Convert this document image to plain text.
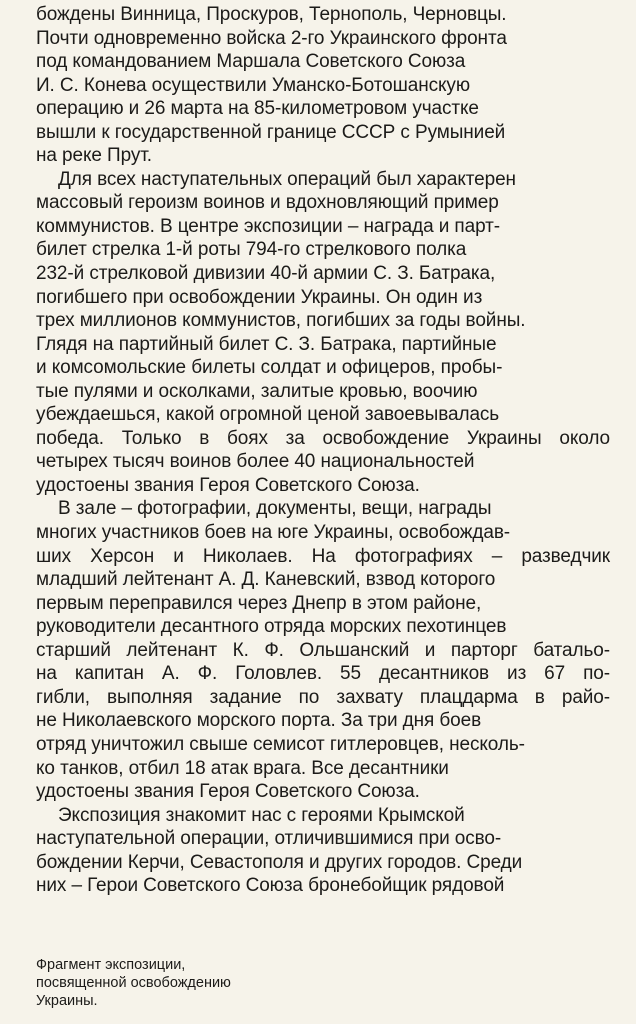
бождены Винница, Проскуров, Тернополь, Черновцы.
Почти одновременно войска 2-го Украинского фронта
под командованием Маршала Советского Союза
И. С. Конева осуществили Уманско-Ботошанскую
операцию и 26 марта на 85-километровом участке
вышли к государственной границе СССР с Румынией
на реке Прут.
Для всех наступательных операций был характерен
массовый героизм воинов и вдохновляющий пример
коммунистов. В центре экспозиции – награда и парт-
билет стрелка 1-й роты 794-го стрелкового полка
232-й стрелковой дивизии 40-й армии С. З. Батрака,
погибшего при освобождении Украины. Он один из
трех миллионов коммунистов, погибших за годы войны.
Глядя на партийный билет С. З. Батрака, партийные
и комсомольские билеты солдат и офицеров, пробы-
тые пулями и осколками, залитые кровью, воочию
убеждаешься, какой огромной ценой завоевывалась
победа. Только в боях за освобождение Украины около
четырех тысяч воинов более 40 национальностей
удостоены звания Героя Советского Союза.
В зале – фотографии, документы, вещи, награды
многих участников боев на юге Украины, освобождав-
ших Херсон и Николаев. На фотографиях – разведчик
младший лейтенант А. Д. Каневский, взвод которого
первым переправился через Днепр в этом районе,
руководители десантного отряда морских пехотинцев
старший лейтенант К. Ф. Ольшанский и парторг батальо-
на капитан А. Ф. Головлев. 55 десантников из 67 по-
гибли, выполняя задание по захвату плацдарма в райо-
не Николаевского морского порта. За три дня боев
отряд уничтожил свыше семисот гитлеровцев, несколь-
ко танков, отбил 18 атак врага. Все десантники
удостоены звания Героя Советского Союза.
Экспозиция знакомит нас с героями Крымской
наступательной операции, отличившимися при осво-
бождении Керчи, Севастополя и других городов. Среди
них – Герои Советского Союза бронебойщик рядовой
Фрагмент экспозиции,
посвященной освобождению
Украины.
